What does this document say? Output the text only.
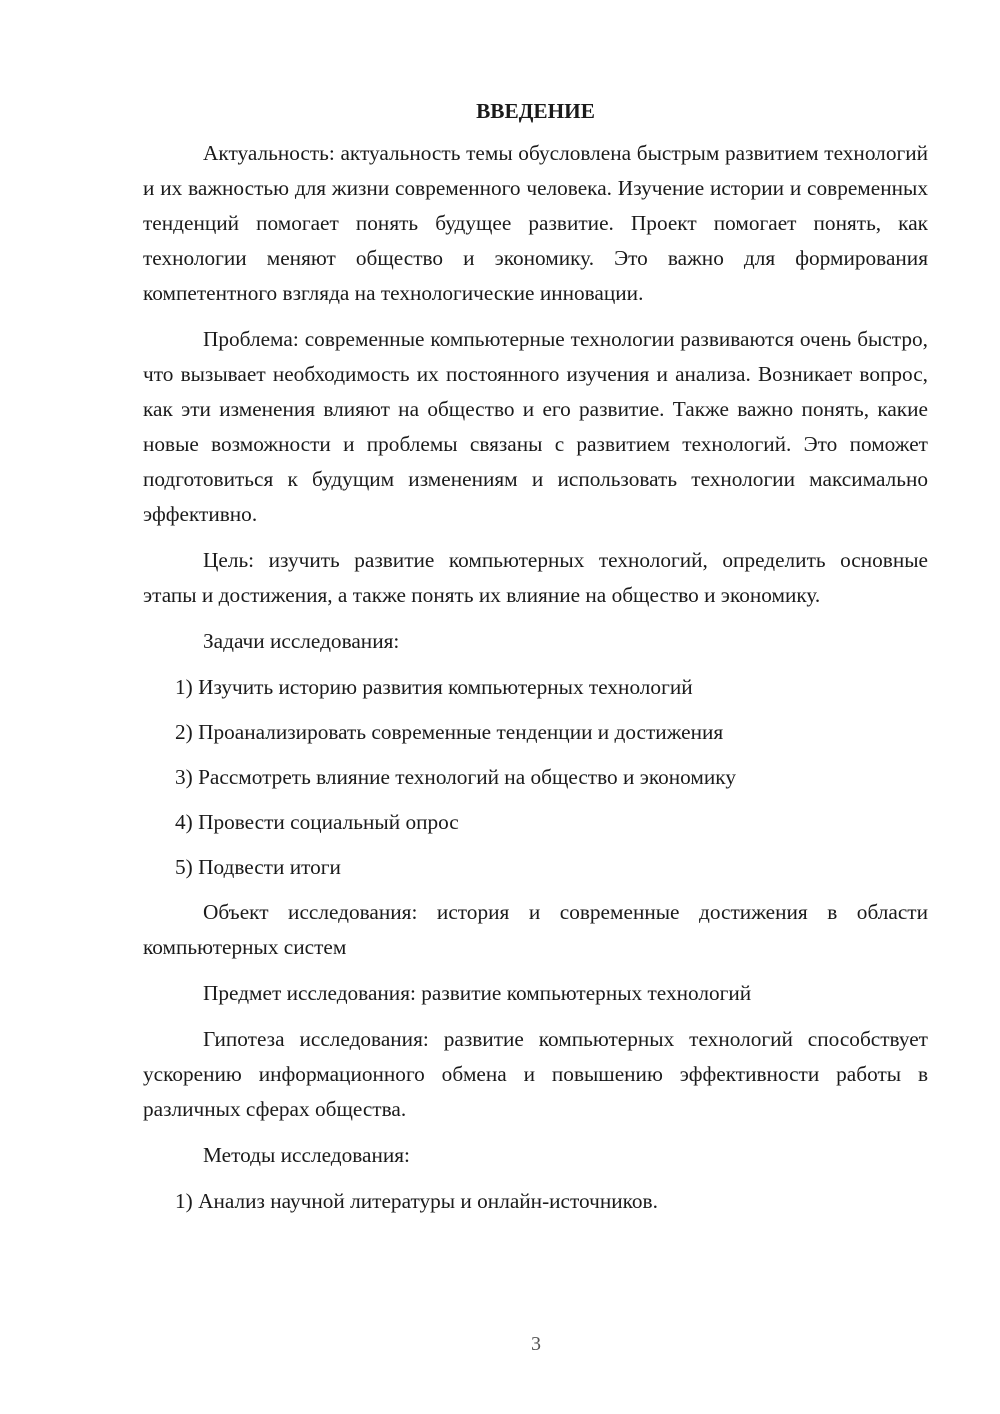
ВВЕДЕНИЕ

Актуальность: актуальность темы обусловлена быстрым развитием технологий и их важностью для жизни современного человека. Изучение истории и современных тенденций помогает понять будущее развитие. Проект помогает понять, как технологии меняют общество и экономику. Это важно для формирования компетентного взгляда на технологические инновации.

Проблема: современные компьютерные технологии развиваются очень быстро, что вызывает необходимость их постоянного изучения и анализа. Возникает вопрос, как эти изменения влияют на общество и его развитие. Также важно понять, какие новые возможности и проблемы связаны с развитием технологий. Это поможет подготовиться к будущим изменениям и использовать технологии максимально эффективно.

Цель: изучить развитие компьютерных технологий, определить основные этапы и достижения, а также понять их влияние на общество и экономику.

Задачи исследования:

1) Изучить историю развития компьютерных технологий
2) Проанализировать современные тенденции и достижения
3) Рассмотреть влияние технологий на общество и экономику
4) Провести социальный опрос
5) Подвести итоги

Объект исследования: история и современные достижения в области компьютерных систем

Предмет исследования: развитие компьютерных технологий

Гипотеза исследования: развитие компьютерных технологий способствует ускорению информационного обмена и повышению эффективности работы в различных сферах общества.

Методы исследования:

1) Анализ научной литературы и онлайн-источников.
3
